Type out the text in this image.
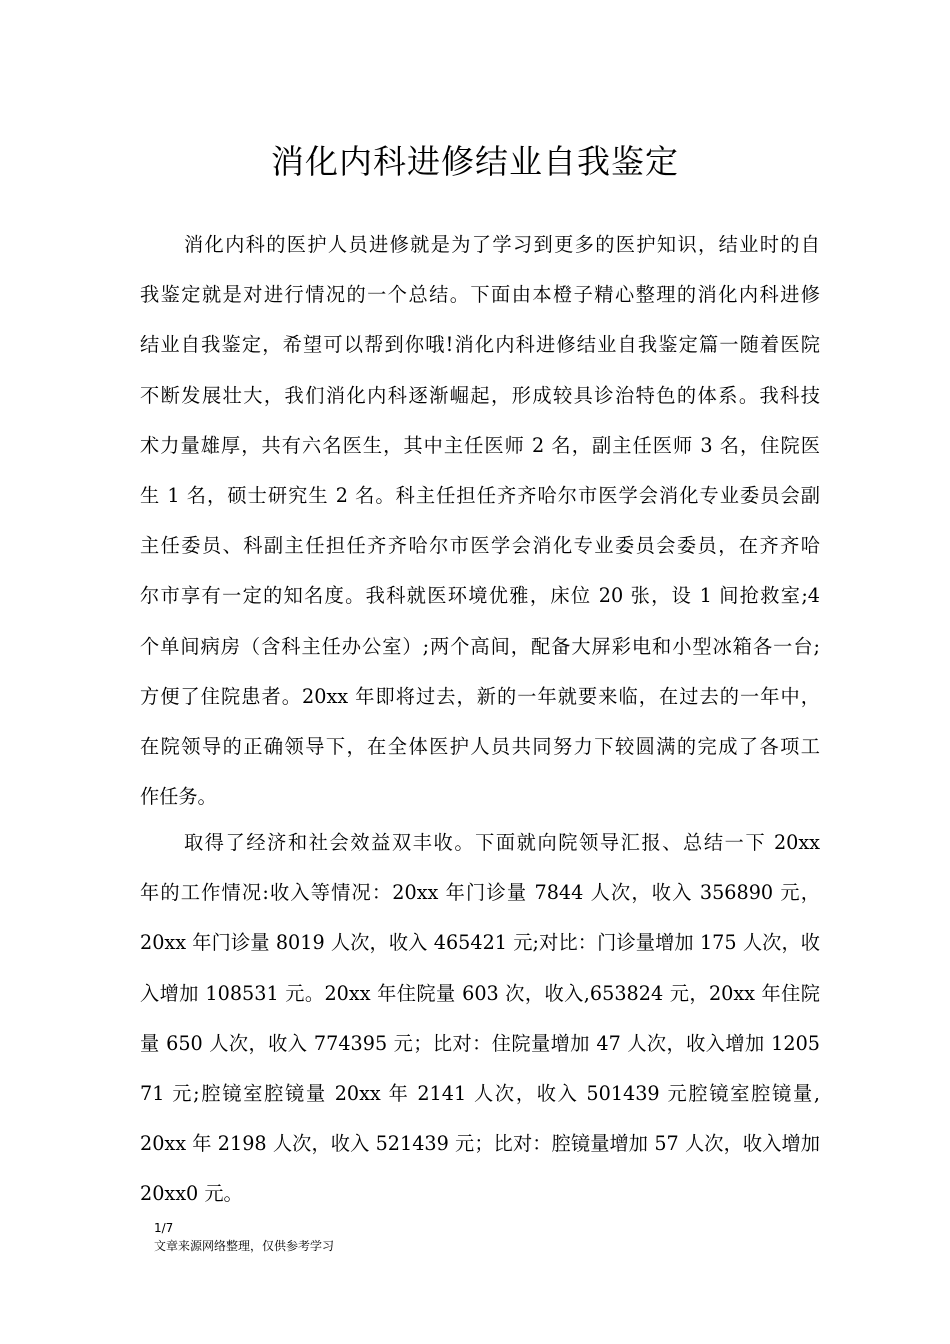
消化内科进修结业自我鉴定
消化内科的医护人员进修就是为了学习到更多的医护知识，结业时的自
我鉴定就是对进行情况的一个总结。下面由本橙子精心整理的消化内科进修
结业自我鉴定，希望可以帮到你哦!消化内科进修结业自我鉴定篇一随着医院
不断发展壮大，我们消化内科逐渐崛起，形成较具诊治特色的体系。我科技
术力量雄厚，共有六名医生，其中主任医师 2 名，副主任医师 3 名，住院医
生 1 名，硕士研究生 2 名。科主任担任齐齐哈尔市医学会消化专业委员会副
主任委员、科副主任担任齐齐哈尔市医学会消化专业委员会委员，在齐齐哈
尔市享有一定的知名度。我科就医环境优雅，床位 20 张，设 1 间抢救室;4
个单间病房（含科主任办公室）;两个高间，配备大屏彩电和小型冰箱各一台;
方便了住院患者。20xx 年即将过去，新的一年就要来临，在过去的一年中，
在院领导的正确领导下，在全体医护人员共同努力下较圆满的完成了各项工
作任务。
取得了经济和社会效益双丰收。下面就向院领导汇报、总结一下 20xx
年的工作情况:收入等情况：20xx 年门诊量 7844 人次，收入 356890 元，
20xx 年门诊量 8019 人次，收入 465421 元;对比：门诊量增加 175 人次，收
入增加 108531 元。20xx 年住院量 603 次，收入,653824 元，20xx 年住院
量 650 人次，收入 774395 元；比对：住院量增加 47 人次，收入增加 1205
71 元;腔镜室腔镜量 20xx 年 2141 人次，收入 501439 元腔镜室腔镜量,
20xx 年 2198 人次，收入 521439 元；比对：腔镜量增加 57 人次，收入增加
20xx0 元。
1/7
文章来源网络整理，仅供参考学习
